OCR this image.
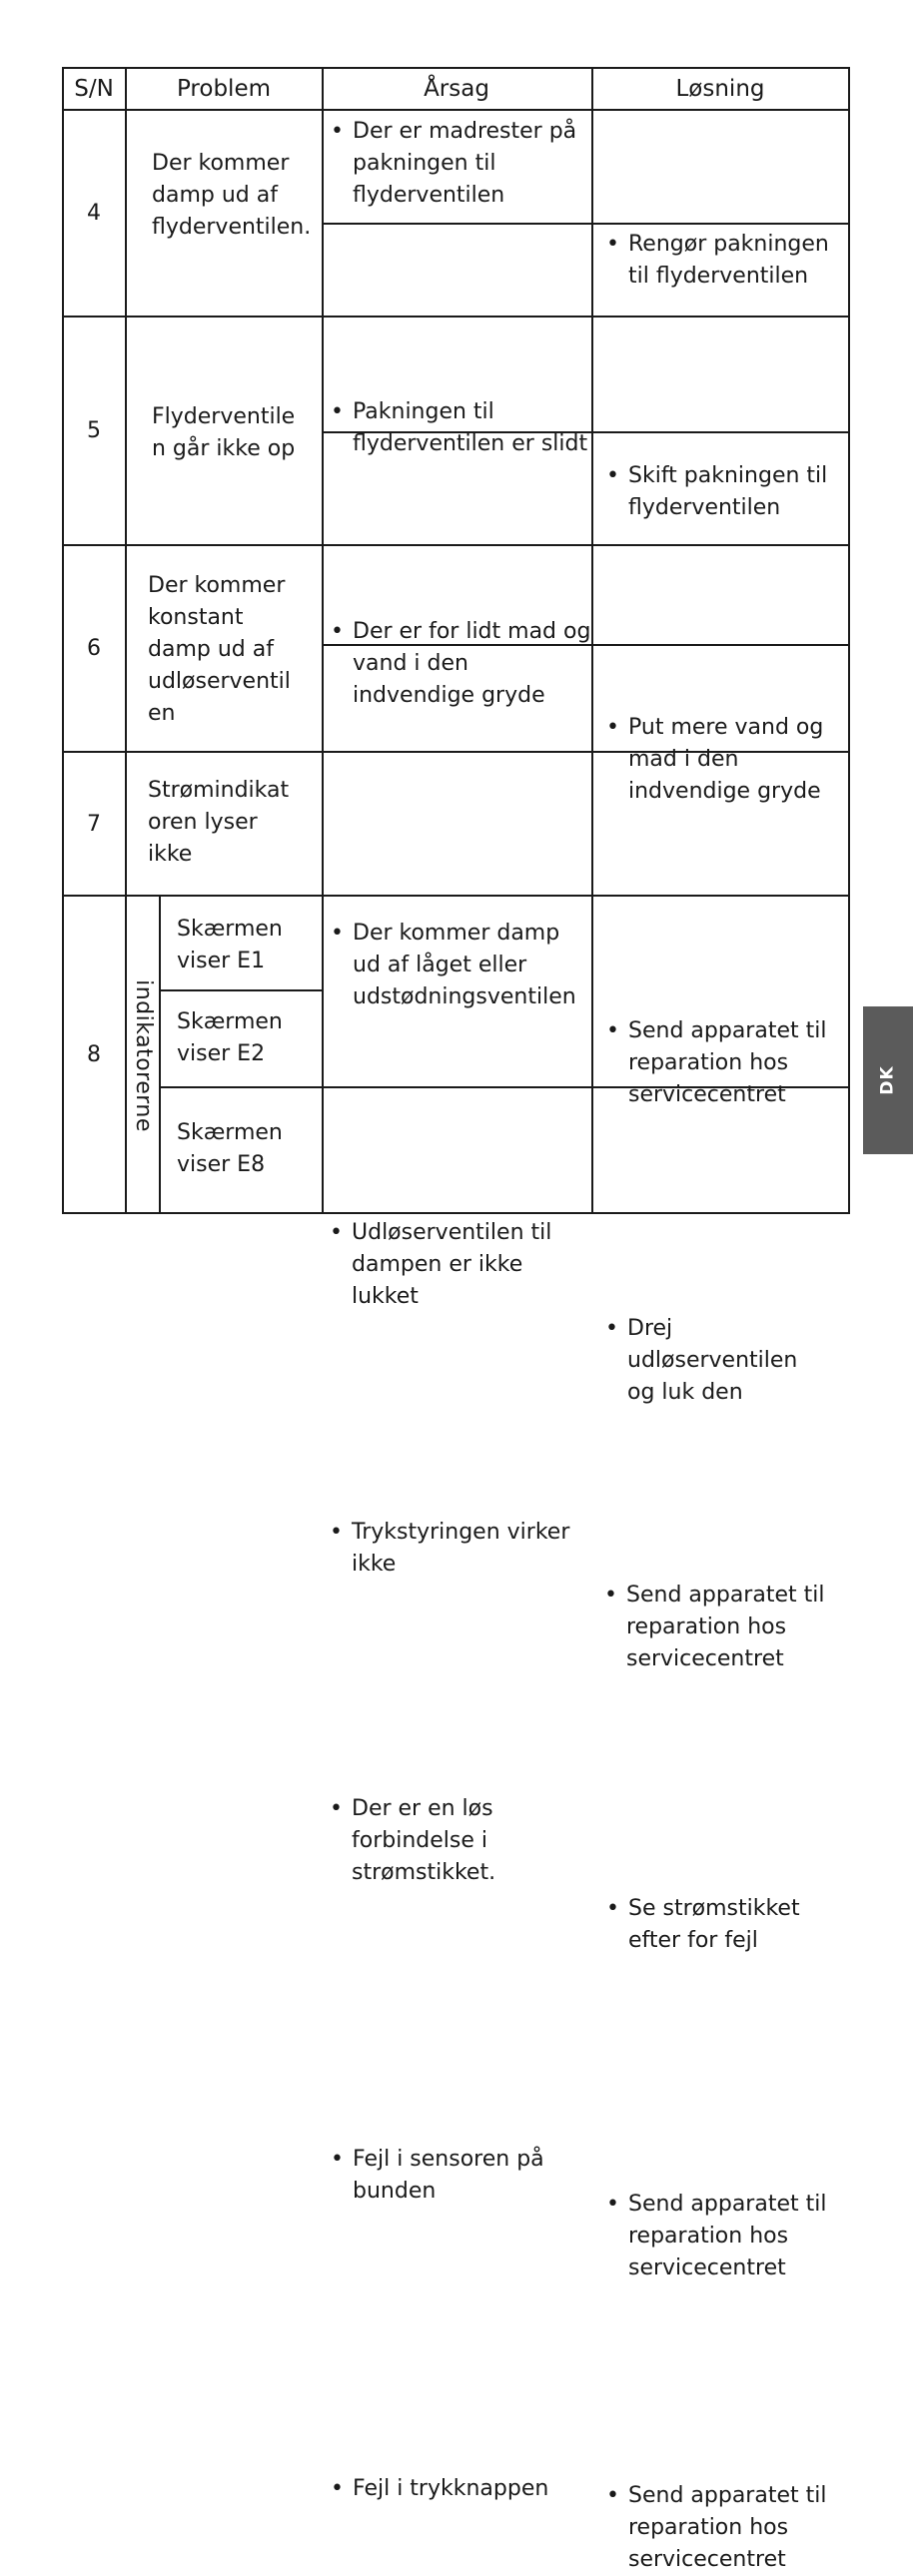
S/N	Problem	Årsag	Løsning
4
Der kommer
damp ud af
flyderventilen.
• Der er madrester på
pakningen til
flyderventilen
• Rengør pakningen
til flyderventilen
• Pakningen til
flyderventilen er slidt
• Skift pakningen til
flyderventilen
5
Flyderventile
n går ikke op
• Der er for lidt mad og
vand i den
indvendige gryde
• Put mere vand og
mad i den
indvendige gryde
• Der kommer damp
ud af låget eller
udstødningsventilen
• Send apparatet til
reparation hos
servicecentret
6
Der kommer
konstant
damp ud af
udløserventil
en
• Udløserventilen til
dampen er ikke
lukket
• Drej udløserventilen
og luk den
• Trykstyringen virker
ikke
• Send apparatet til
reparation hos
servicecentret
7
Strømindikat
oren lyser
ikke
• Der er en løs
forbindelse i
strømstikket.
• Se strømstikket
efter for fejl
8	indikatorerne
Skærmen
viser E1
Skærmen
viser E2
Skærmen
viser E8
• Fejl i sensoren på
bunden
• Send apparatet til
reparation hos
servicecentret
• Fejl i trykknappen
•	Send apparatet til
reparation hos
servicecentret
DK
